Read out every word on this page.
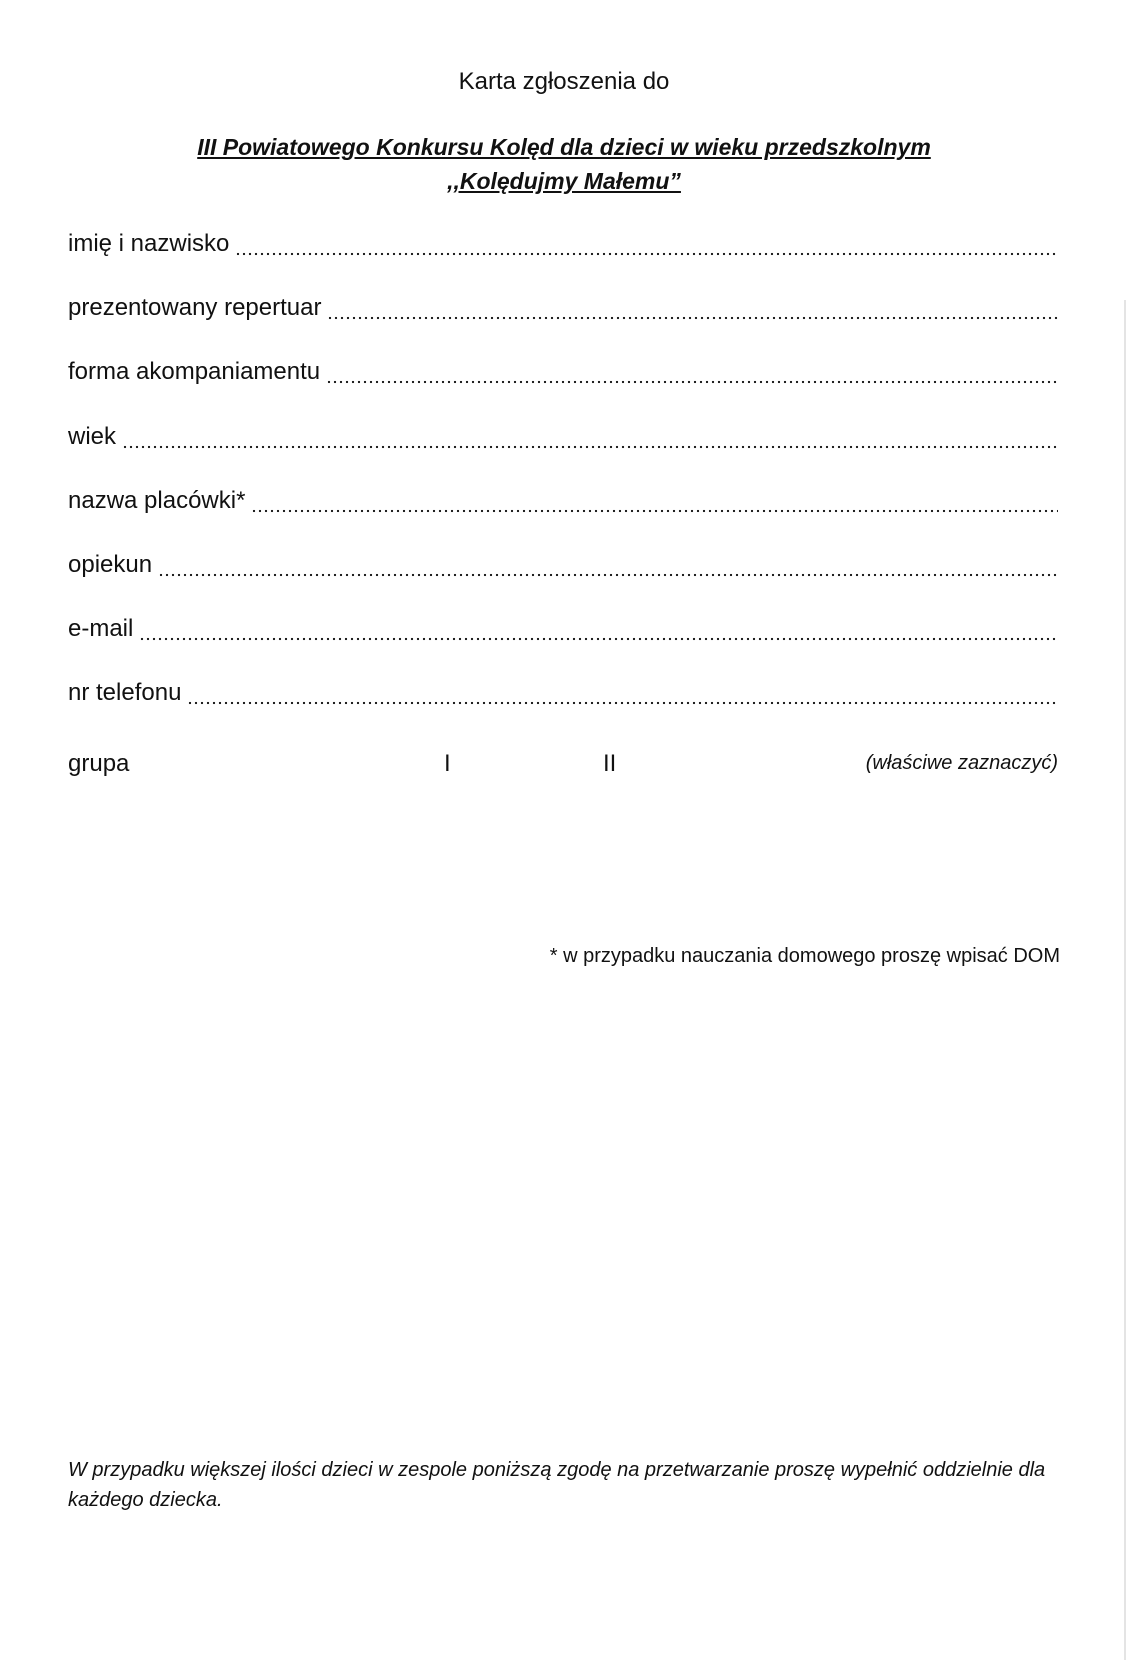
Karta zgłoszenia do
III Powiatowego Konkursu Kolęd dla dzieci w wieku przedszkolnym
,,Kolędujmy Małemu”
imię i nazwisko
prezentowany repertuar
forma akompaniamentu
wiek
nazwa placówki*
opiekun
e-mail
nr telefonu
grupa	I	II	(właściwe zaznaczyć)
* w przypadku nauczania domowego proszę wpisać DOM
W przypadku większej ilości dzieci w zespole poniższą zgodę na przetwarzanie proszę wypełnić oddzielnie dla każdego dziecka.
